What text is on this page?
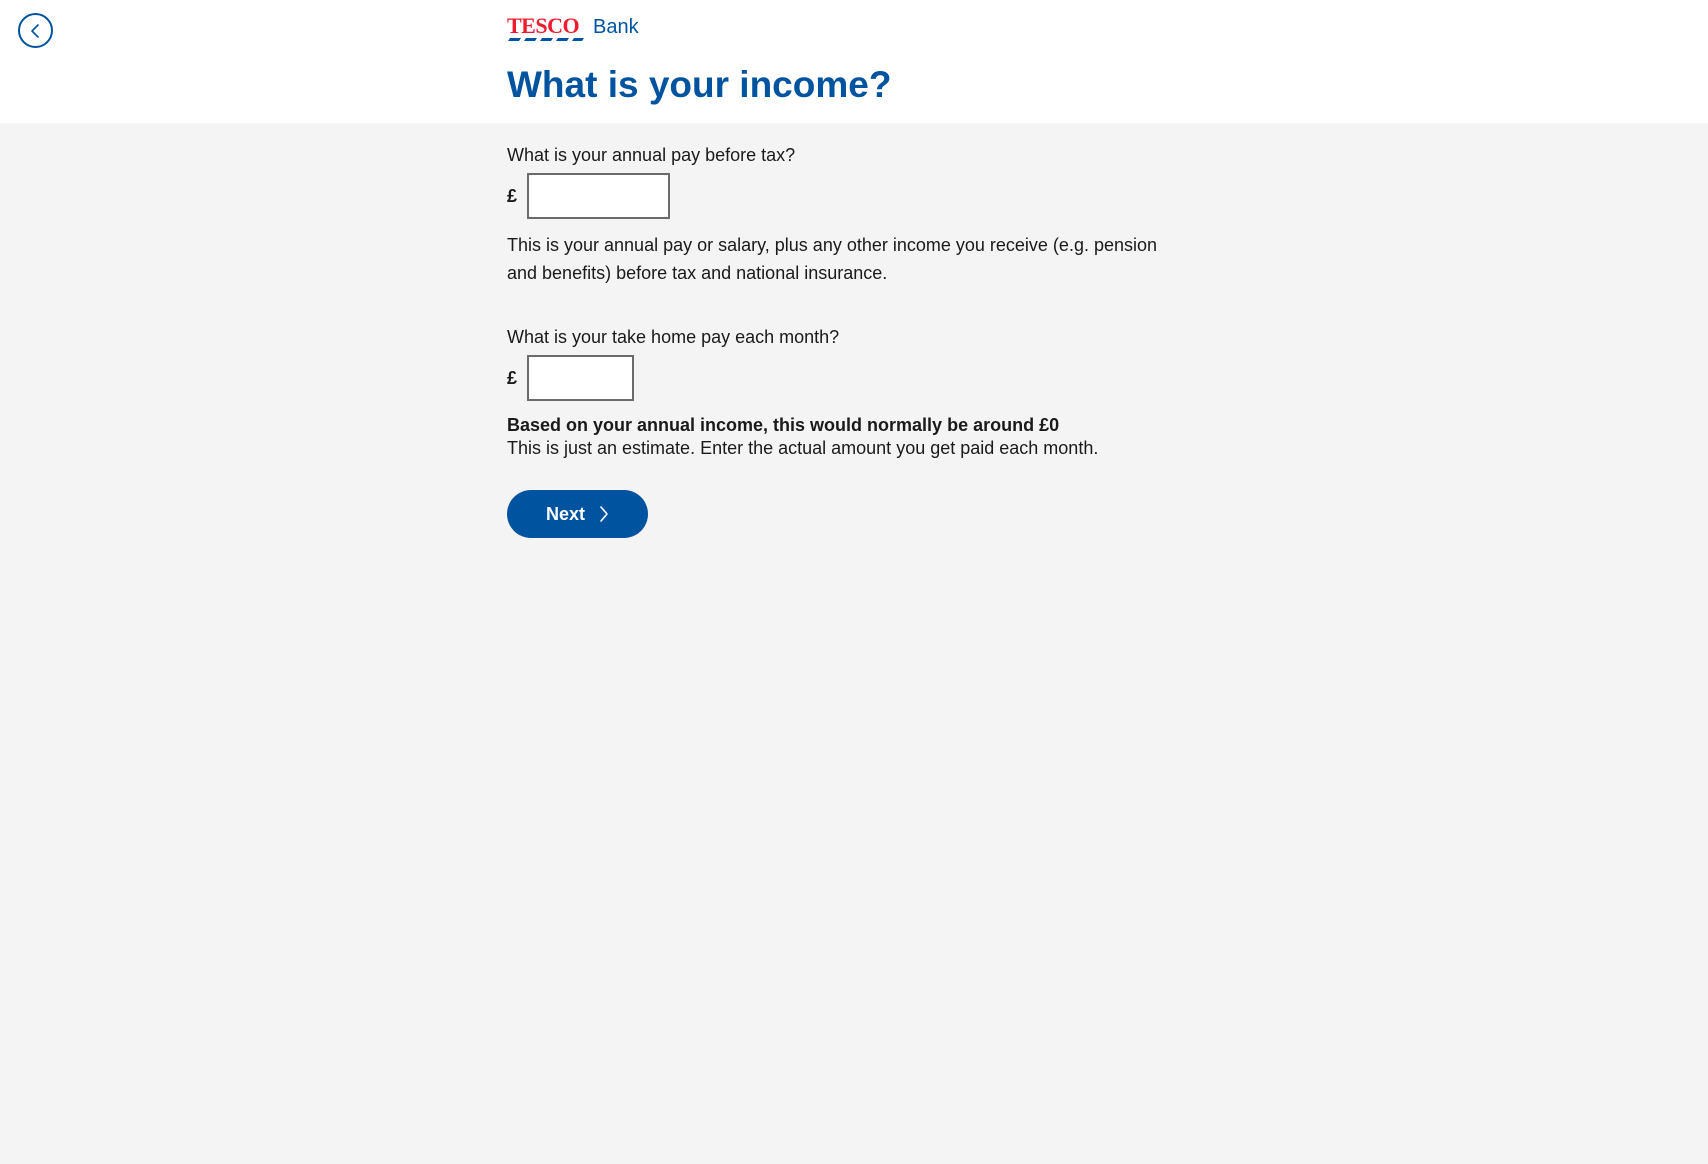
TESCO Bank
What is your income?
What is your annual pay before tax?
£

This is your annual pay or salary, plus any other income you receive (e.g. pension and benefits) before tax and national insurance.

What is your take home pay each month?
£

Based on your annual income, this would normally be around £0

This is just an estimate. Enter the actual amount you get paid each month.

Next
